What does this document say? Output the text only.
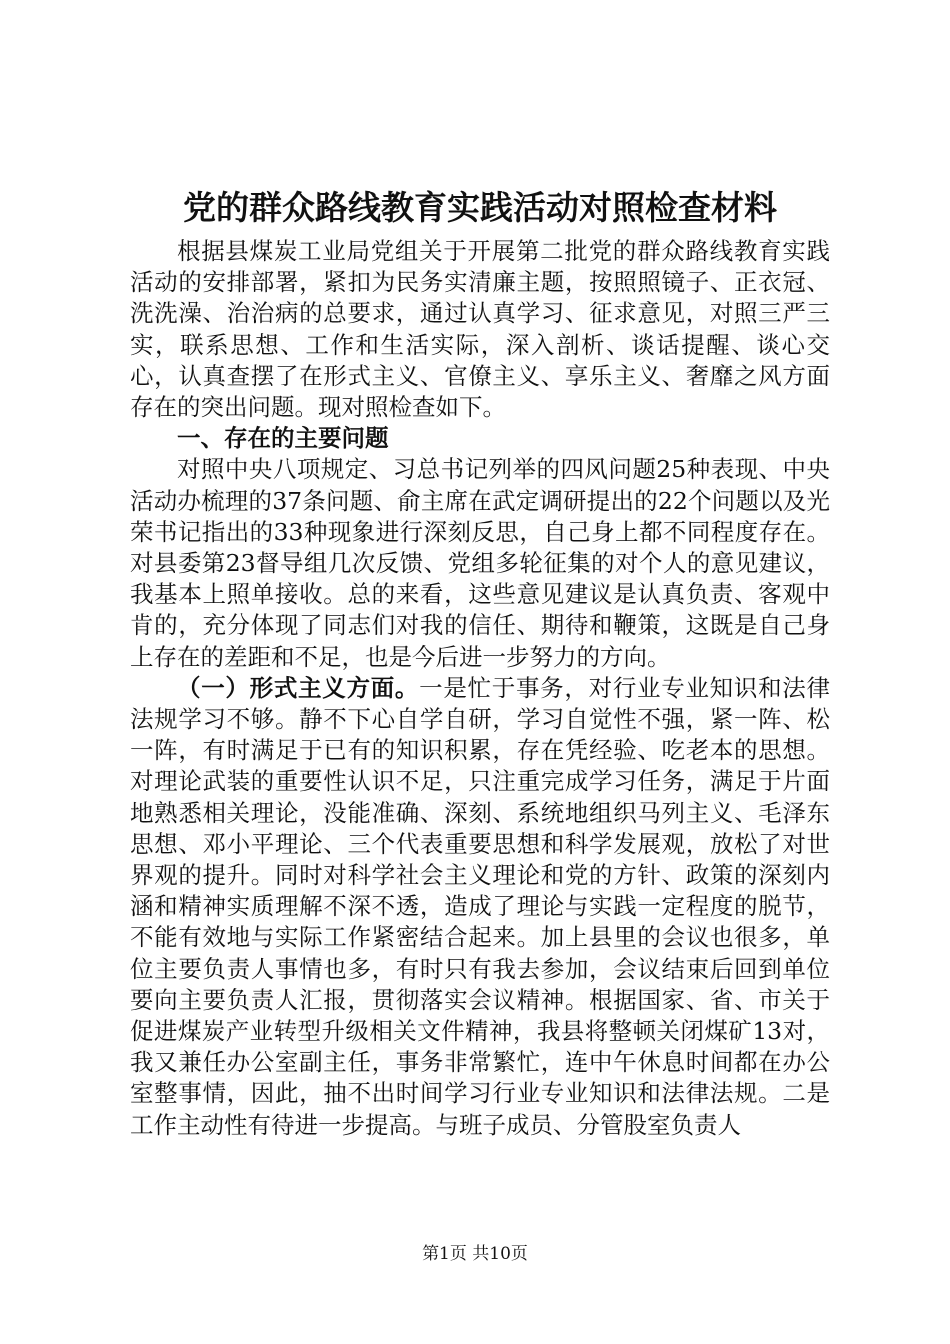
党的群众路线教育实践活动对照检查材料

根据县煤炭工业局党组关于开展第二批党的群众路线教育实践活动的安排部署，紧扣为民务实清廉主题，按照照镜子、正衣冠、洗洗澡、治治病的总要求，通过认真学习、征求意见，对照三严三实，联系思想、工作和生活实际，深入剖析、谈话提醒、谈心交心，认真查摆了在形式主义、官僚主义、享乐主义、奢靡之风方面存在的突出问题。现对照检查如下。

一、存在的主要问题

对照中央八项规定、习总书记列举的四风问题25种表现、中央活动办梳理的37条问题、俞主席在武定调研提出的22个问题以及光荣书记指出的33种现象进行深刻反思，自己身上都不同程度存在。对县委第23督导组几次反馈、党组多轮征集的对个人的意见建议，我基本上照单接收。总的来看，这些意见建议是认真负责、客观中肯的，充分体现了同志们对我的信任、期待和鞭策，这既是自己身上存在的差距和不足，也是今后进一步努力的方向。

（一）形式主义方面。一是忙于事务，对行业专业知识和法律法规学习不够。静不下心自学自研，学习自觉性不强，紧一阵、松一阵，有时满足于已有的知识积累，存在凭经验、吃老本的思想。对理论武装的重要性认识不足，只注重完成学习任务，满足于片面地熟悉相关理论，没能准确、深刻、系统地组织马列主义、毛泽东思想、邓小平理论、三个代表重要思想和科学发展观，放松了对世界观的提升。同时对科学社会主义理论和党的方针、政策的深刻内涵和精神实质理解不深不透，造成了理论与实践一定程度的脱节，不能有效地与实际工作紧密结合起来。加上县里的会议也很多，单位主要负责人事情也多，有时只有我去参加，会议结束后回到单位要向主要负责人汇报，贯彻落实会议精神。根据国家、省、市关于促进煤炭产业转型升级相关文件精神，我县将整顿关闭煤矿13对，我又兼任办公室副主任，事务非常繁忙，连中午休息时间都在办公室整事情，因此，抽不出时间学习行业专业知识和法律法规。二是工作主动性有待进一步提高。与班子成员、分管股室负责人

第1页 共10页
